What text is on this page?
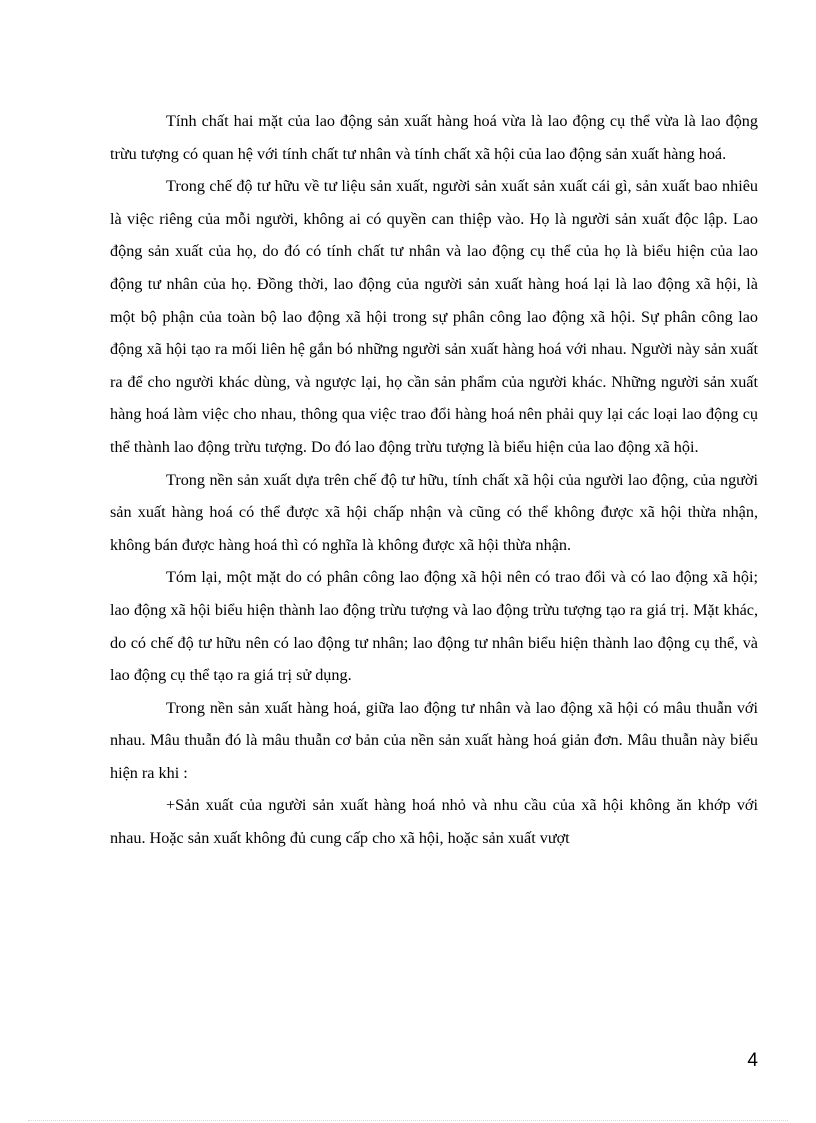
Tính chất hai mặt của lao động sản xuất hàng hoá vừa là lao động cụ thể vừa là lao động trừu tượng có quan hệ với tính chất tư nhân và tính chất xã hội của lao động sản xuất hàng hoá.

Trong chế độ tư hữu về tư liệu sản xuất, người sản xuất sản xuất cái gì, sản xuất bao nhiêu là việc riêng của mỗi người, không ai có quyền can thiệp vào. Họ là người sản xuất độc lập. Lao động sản xuất của họ, do đó có tính chất tư nhân và lao động cụ thể của họ là biểu hiện của lao động tư nhân của họ. Đồng thời, lao động của người sản xuất hàng hoá lại là lao động xã hội, là một bộ phận của toàn bộ lao động xã hội trong sự phân công lao động xã hội. Sự phân công lao động xã hội tạo ra mối liên hệ gắn bó những người sản xuất hàng hoá với nhau. Người này sản xuất ra để cho người khác dùng, và ngược lại, họ cần sản phẩm của người khác. Những người sản xuất hàng hoá làm việc cho nhau, thông qua việc trao đổi hàng hoá nên phải quy lại các loại lao động cụ thể thành lao động trừu tượng. Do đó lao động trừu tượng là biểu hiện của lao động xã hội.

Trong nền sản xuất dựa trên chế độ tư hữu, tính chất xã hội của người lao động, của người sản xuất hàng hoá có thể được xã hội chấp nhận và cũng có thể không được xã hội thừa nhận, không bán được hàng hoá thì có nghĩa là không được xã hội thừa nhận.

Tóm lại, một mặt do có phân công lao động xã hội nên có trao đổi và có lao động xã hội; lao động xã hội biểu hiện thành lao động trừu tượng và lao động trừu tượng tạo ra giá trị. Mặt khác, do có chế độ tư hữu nên có lao động tư nhân; lao động tư nhân biểu hiện thành lao động cụ thể, và lao động cụ thể tạo ra giá trị sử dụng.

Trong nền sản xuất hàng hoá, giữa lao động tư nhân và lao động xã hội có mâu thuẫn với nhau. Mâu thuẫn đó là mâu thuẫn cơ bản của nền sản xuất hàng hoá giản đơn. Mâu thuẫn này biểu hiện ra khi :

+Sản xuất của người sản xuất hàng hoá nhỏ và nhu cầu của xã hội không ăn khớp với nhau. Hoặc sản xuất không đủ cung cấp cho xã hội, hoặc sản xuất vượt

4
